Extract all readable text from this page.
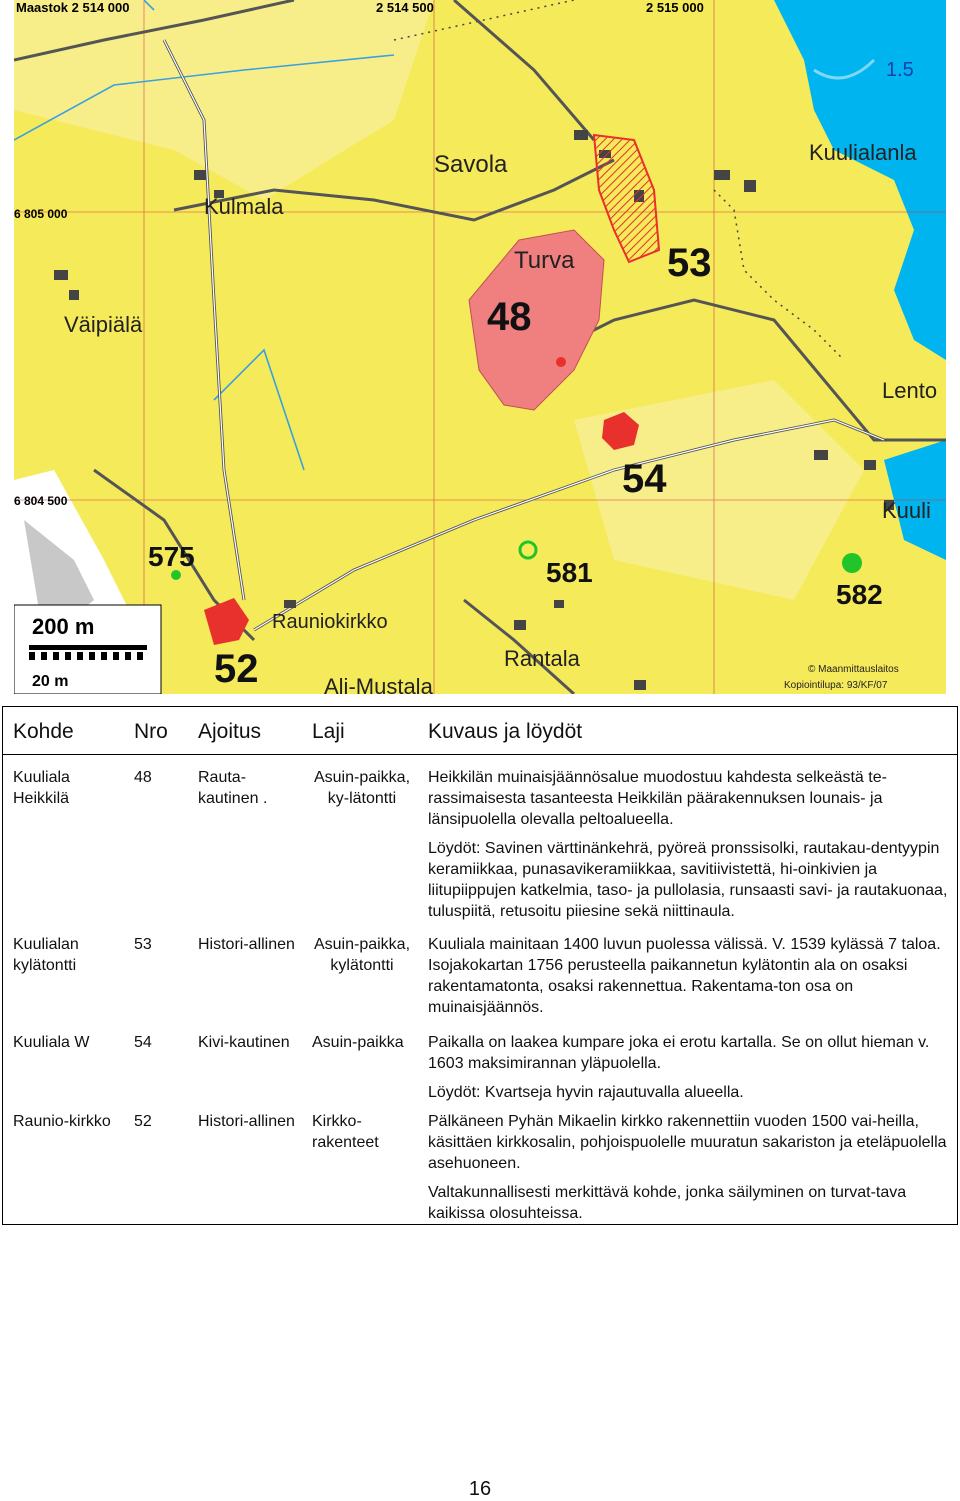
Maastok 2 514 000	2 514 500	2 515 000
6 805 000
6 804 500
Savola
Kulmala
Väipiälä
Kuulialanla
Lento
Kuuli
Turva
Rauniokirkko
Rantala
Ali-Mustala
48
53
54
575
581
582
52
1.5
200 m
20 m
© Maanmittauslaitos
Kopiointilupa: 93/KF/07
Kohde	Nro	Ajoitus	Laji	Kuvaus ja löydöt
Kuuliala Heikkilä	48	Rauta-kautinen .	Asuin-paikka, ky-lätontti	Heikkilän muinaisjäännösalue muodostuu kahdesta selkeästä te-rassimaisesta tasanteesta Heikkilän päärakennuksen lounais- ja länsipuolella olevalla peltoalueella.

Löydöt: Savinen värttinänkehrä, pyöreä pronssisolki, rautakau-dentyypin keramiikkaa, punasavikeramiikkaa, savitiivistettä, hi-oinkivien ja liitupiippujen katkelmia, taso- ja pullolasia, runsaasti savi- ja rautakuonaa, tuluspiitä, retusoitu piiesine sekä niittinaula.

Kuulialan kylätontti	53	Histori-allinen	Asuin-paikka, kylätontti	Kuuliala mainitaan 1400 luvun puolessa välissä. V. 1539 kylässä 7 taloa. Isojakokartan 1756 perusteella paikannetun kylätontin ala on osaksi rakentamatonta, osaksi rakennettua. Rakentama-ton osa on muinaisjäännös.

Kuuliala W	54	Kivi-kautinen	Asuin-paikka	Paikalla on laakea kumpare joka ei erotu kartalla. Se on ollut hieman v. 1603 maksimirannan yläpuolella.

Löydöt: Kvartseja hyvin rajautuvalla alueella.

Raunio-kirkko	52	Histori-allinen	Kirkko-rakenteet	Pälkäneen Pyhän Mikaelin kirkko rakennettiin vuoden 1500 vai-heilla, käsittäen kirkkosalin, pohjoispuolelle muuratun sakariston ja eteläpuolella asehuoneen.

Valtakunnallisesti merkittävä kohde, jonka säilyminen on turvat-tava kaikissa olosuhteissa.

16
